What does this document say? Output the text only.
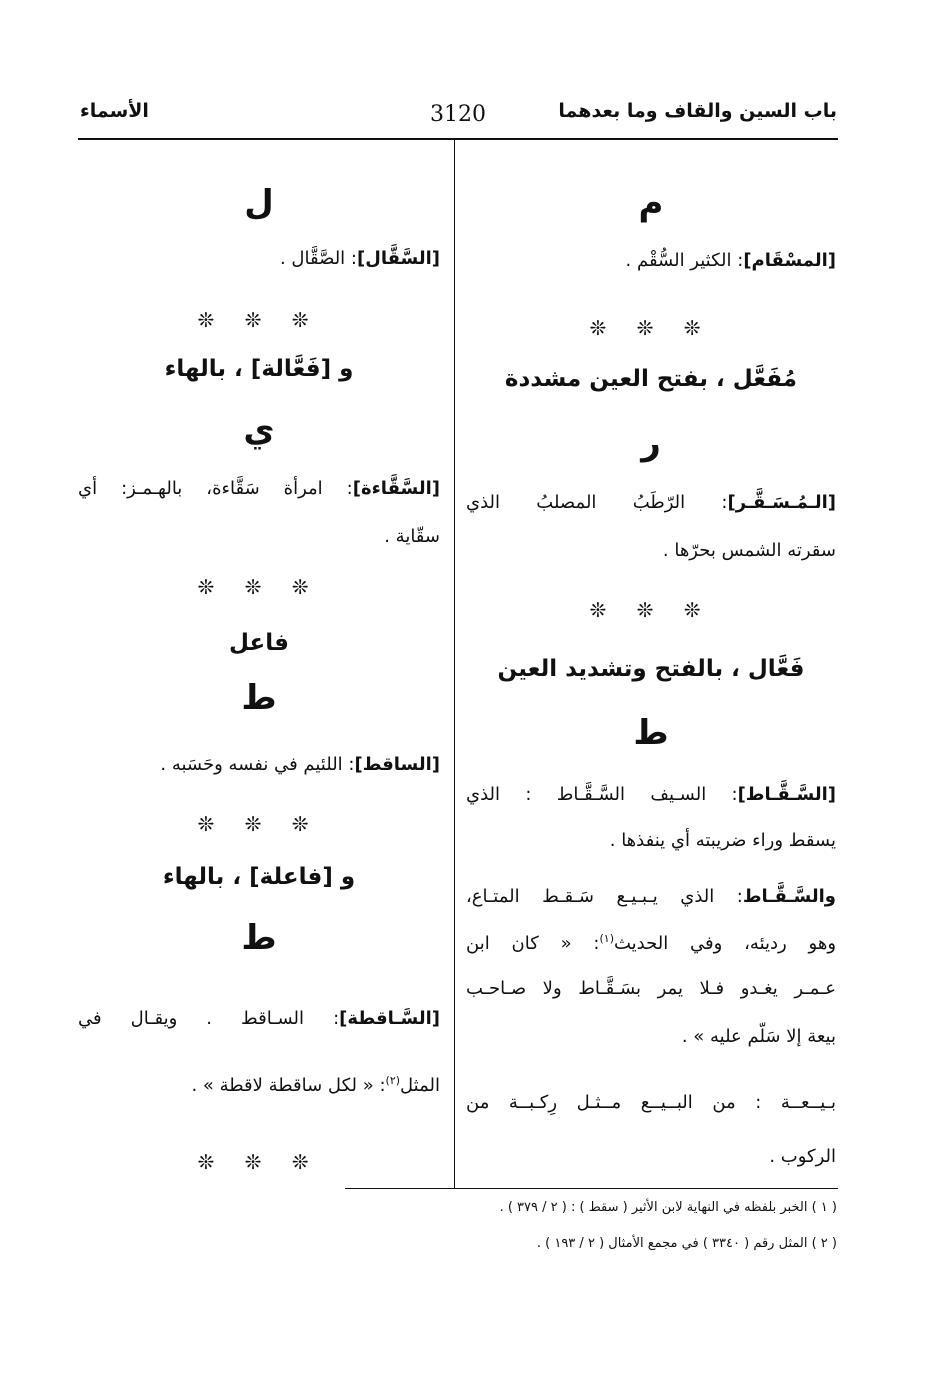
باب السين والقاف وما بعدهما
3120
الأسماء
م
[المسْقَام]: الكثير السُّقْم .
❊ ❊ ❊
مُفَعَّل ، بفتح العين مشددة
ر
[الـمُـسَـقَّـر]: الرّطَبُ المصلبُ الذي
سقرته الشمس بحرّها .
❊ ❊ ❊
فَعَّال ، بالفتح وتشديد العين
ط
[السَّـقَّـاط]: السـيف السَّـقَّـاط : الذي
يسقط وراء ضريبته أي ينفذها .
والسَّـقَّـاط: الذي يـبـيـع سَـقـط المتـاع،
وهو رديئه، وفي الحديث$^{(١)}$: « كان ابن
عـمـر يغـدو فـلا يمر بسَـقَّـاط ولا صـاحـب
بيعة إلا سَلّم عليه » .
بـيــعــة : من البــيــع مــثـل رِكـبــة من
الركوب .
ل
[السَّقَّال]: الصَّقَّال .
❊ ❊ ❊
و [فَعَّالة] ، بالهاء
ي
[السَّقَّاءة]: امرأة سَقَّاءة، بالهـمـز: أي
سقّاية .
❊ ❊ ❊
فاعل
ط
[الساقط]: اللئيم في نفسه وحَسَبه .
❊ ❊ ❊
و [فاعلة] ، بالهاء
ط
[السَّـاقطة]: السـاقط . ويقـال في
المثل$^{(٢)}$: « لكل ساقطة لاقطة » .
❊ ❊ ❊
( ١ ) الخبر بلفظه في النهاية لابن الأثير ( سقط ) : ( ٢ / ٣٧٩ ) .
( ٢ ) المثل رقم ( ٣٣٤٠ ) في مجمع الأمثال ( ٢ / ١٩٣ ) .
